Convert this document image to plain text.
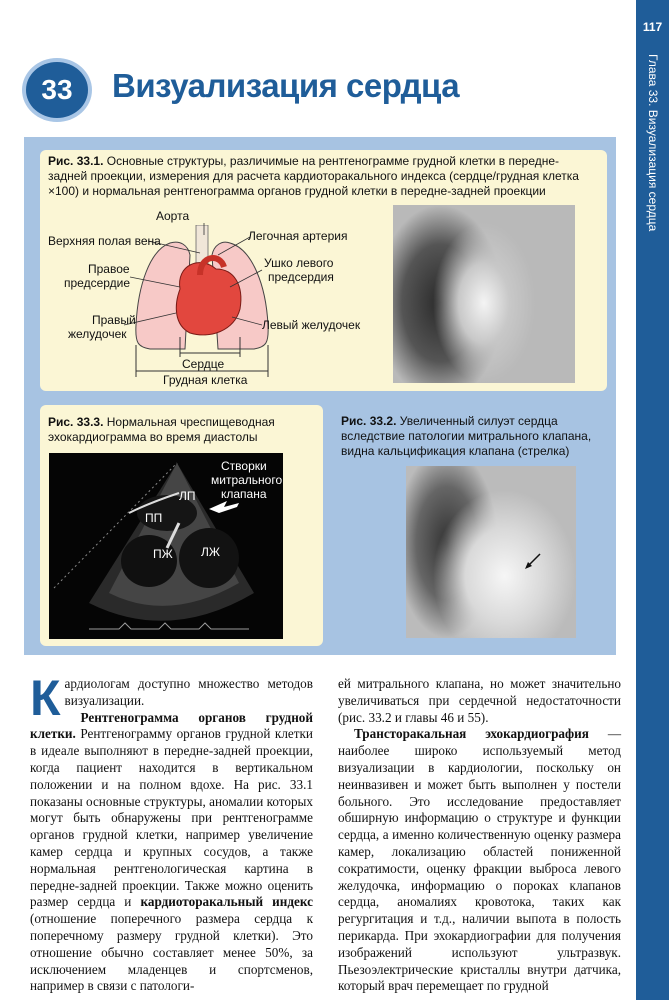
117
Глава 33. Визуализация сердца
33	Визуализация сердца
Рис. 33.1. Основные структуры, различимые на рентгенограмме грудной клетки в передне-задней проекции, измерения для расчета кардиоторакального индекса (сердце/грудная клетка ×100) и нормальная рентгенограмма органов грудной клетки в передне-задней проекции
Аорта
Верхняя полая вена	Легочная артерия
Правое
предсердие
Ушко левого
предсердия
Правый
желудочек
Левый желудочек
Сердце
Грудная клетка
Рис. 33.3. Нормальная чреспищеводная эхокардиограмма во время диастолы
Створки
митрального
клапана
ЛП
ПП
ПЖ ЛЖ
Рис. 33.2. Увеличенный силуэт сердца вследствие патологии митрального клапана, видна кальцификация клапана (стрелка)

Кардиологам доступно множество методов визуализации.

Рентгенограмма органов грудной клетки. Рентгенограмму органов грудной клетки в идеале выполняют в передне-задней проекции, когда пациент находится в вертикальном положении и на полном вдохе. На рис. 33.1 показаны основные структуры, аномалии которых могут быть обнаружены при рентгенограмме органов грудной клетки, например увеличение камер сердца и крупных сосудов, а также нормальная рентгенологическая картина в передне-задней проекции. Также можно оценить размер сердца и кардиоторакальный индекс (отношение поперечного размера сердца к поперечному размеру грудной клетки). Это отношение обычно составляет менее 50%, за исключением младенцев и спортсменов, например в связи с патологи-

ей митрального клапана, но может значительно увеличиваться при сердечной недостаточности (рис. 33.2 и главы 46 и 55).

Трансторакальная эхокардиография — наиболее широко используемый метод визуализации в кардиологии, поскольку он неинвазивен и может быть выполнен у постели больного. Это исследование предоставляет обширную информацию о структуре и функции сердца, а именно количественную оценку размера камер, локализацию областей пониженной сократимости, оценку фракции выброса левого желудочка, информацию о пороках клапанов сердца, аномалиях кровотока, таких как регургитация и т.д., наличии выпота в полость перикарда. При эхокардиографии для получения изображений используют ультразвук. Пьезоэлектрические кристаллы внутри датчика, который врач перемещает по грудной
